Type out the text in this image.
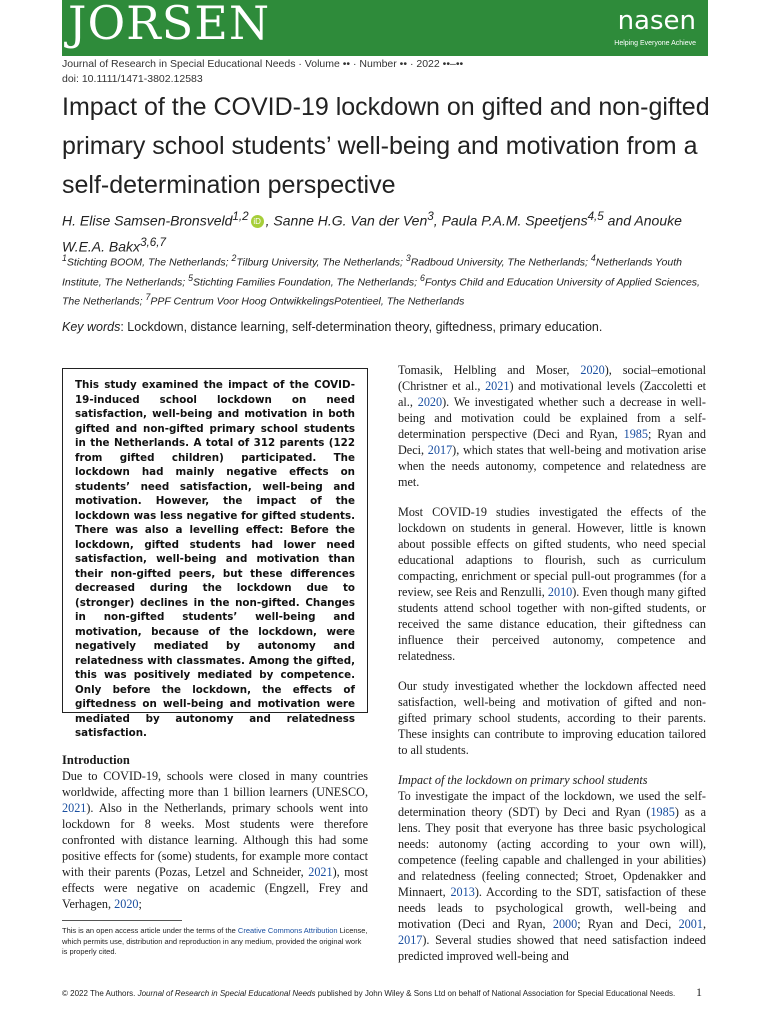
JORSEN	nasen
Helping Everyone Achieve
Journal of Research in Special Educational Needs · Volume •• · Number •• · 2022 ••–••
doi: 10.1111/1471-3802.12583
Impact of the COVID-19 lockdown on gifted and non-gifted primary school students’ well-being and motivation from a self-determination perspective
H. Elise Samsen-Bronsveld$^{1,2}$ iD , Sanne H.G. Van der Ven$^3$, Paula P.A.M. Speetjens$^{4,5}$ and Anouke W.E.A. Bakx$^{3,6,7}$
$^1$Stichting BOOM, The Netherlands; $^2$Tilburg University, The Netherlands; $^3$Radboud University, The Netherlands; $^4$Netherlands Youth Institute, The Netherlands; $^5$Stichting Families Foundation, The Netherlands; $^6$Fontys Child and Education University of Applied Sciences, The Netherlands; $^7$PPF Centrum Voor Hoog OntwikkelingsPotentieel, The Netherlands
Key words: Lockdown, distance learning, self-determination theory, giftedness, primary education.

This study examined the impact of the COVID-19-induced school lockdown on need satisfaction, well-being and motivation in both gifted and non-gifted primary school students in the Netherlands. A total of 312 parents (122 from gifted children) participated. The lockdown had mainly negative effects on students’ need satisfaction, well-being and motivation. However, the impact of the lockdown was less negative for gifted students. There was also a levelling effect: Before the lockdown, gifted students had lower need satisfaction, well-being and motivation than their non-gifted peers, but these differences decreased during the lockdown due to (stronger) declines in the non-gifted. Changes in non-gifted students’ well-being and motivation, because of the lockdown, were negatively mediated by autonomy and relatedness with classmates. Among the gifted, this was positively mediated by competence. Only before the lockdown, the effects of giftedness on well-being and motivation were mediated by autonomy and relatedness satisfaction.

Introduction

Due to COVID-19, schools were closed in many countries worldwide, affecting more than 1 billion learners (UNESCO, 2021). Also in the Netherlands, primary schools went into lockdown for 8 weeks. Most students were therefore confronted with distance learning. Although this had some positive effects for (some) students, for example more contact with their parents (Pozas, Letzel and Schneider, 2021), most effects were negative on academic (Engzell, Frey and Verhagen, 2020;

Tomasik, Helbling and Moser, 2020), social–emotional (Christner et al., 2021) and motivational levels (Zaccoletti et al., 2020). We investigated whether such a decrease in well-being and motivation could be explained from a self-determination perspective (Deci and Ryan, 1985; Ryan and Deci, 2017), which states that well-being and motivation arise when the needs autonomy, competence and relatedness are met.

Most COVID-19 studies investigated the effects of the lockdown on students in general. However, little is known about possible effects on gifted students, who need special educational adaptions to flourish, such as curriculum compacting, enrichment or special pull-out programmes (for a review, see Reis and Renzulli, 2010). Even though many gifted students attend school together with non-gifted students, or received the same distance education, their giftedness can influence their perceived autonomy, competence and relatedness.

Our study investigated whether the lockdown affected need satisfaction, well-being and motivation of gifted and non-gifted primary school students, according to their parents. These insights can contribute to improving education tailored to all students.

Impact of the lockdown on primary school students

To investigate the impact of the lockdown, we used the self-determination theory (SDT) by Deci and Ryan (1985) as a lens. They posit that everyone has three basic psychological needs: autonomy (acting according to your own will), competence (feeling capable and challenged in your abilities) and relatedness (feeling connected; Stroet, Opdenakker and Minnaert, 2013). According to the SDT, satisfaction of these needs leads to psychological growth, well-being and motivation (Deci and Ryan, 2000; Ryan and Deci, 2001, 2017). Several studies showed that need satisfaction indeed predicted improved well-being and

This is an open access article under the terms of the Creative Commons Attribution License, which permits use, distribution and reproduction in any medium, provided the original work is properly cited.
© 2022 The Authors. Journal of Research in Special Educational Needs published by John Wiley & Sons Ltd on behalf of National Association for Special Educational Needs. 1
